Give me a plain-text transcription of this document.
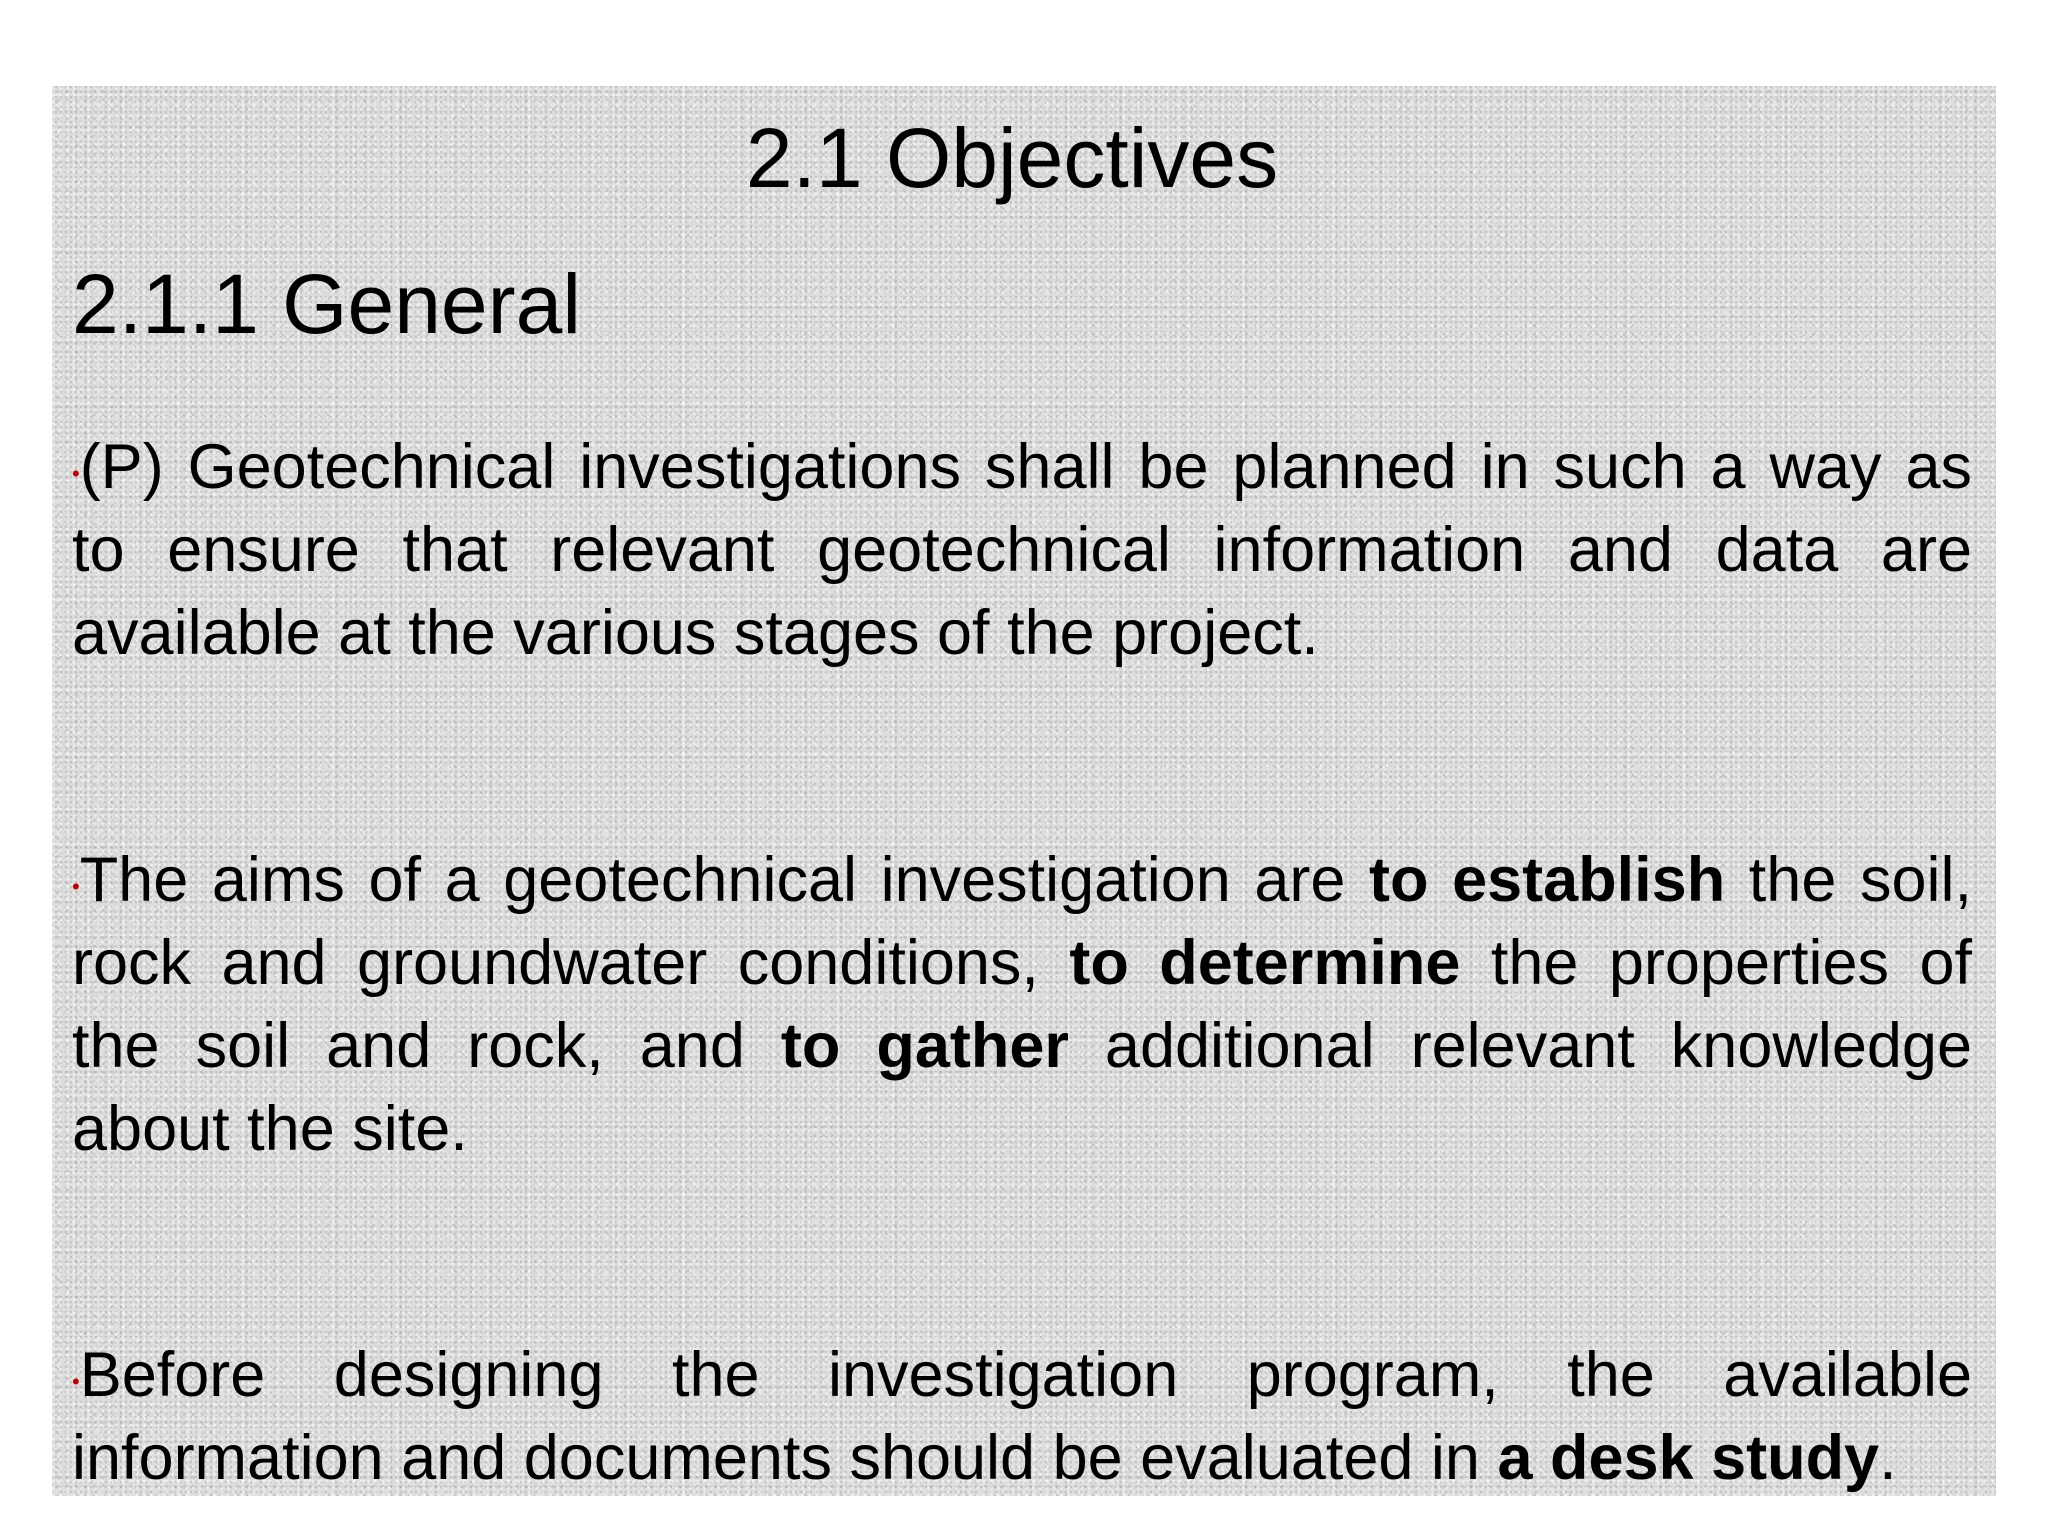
2.1 Objectives
2.1.1 General

•(P) Geotechnical investigations shall be planned in such a way as to ensure that relevant geotechnical information and data are available at the various stages of the project.

•The aims of a geotechnical investigation are to establish the soil, rock and groundwater conditions, to determine the properties of the soil and rock, and to gather additional relevant knowledge about the site.

•Before designing the investigation program, the available information and documents should be evaluated in a desk study.
